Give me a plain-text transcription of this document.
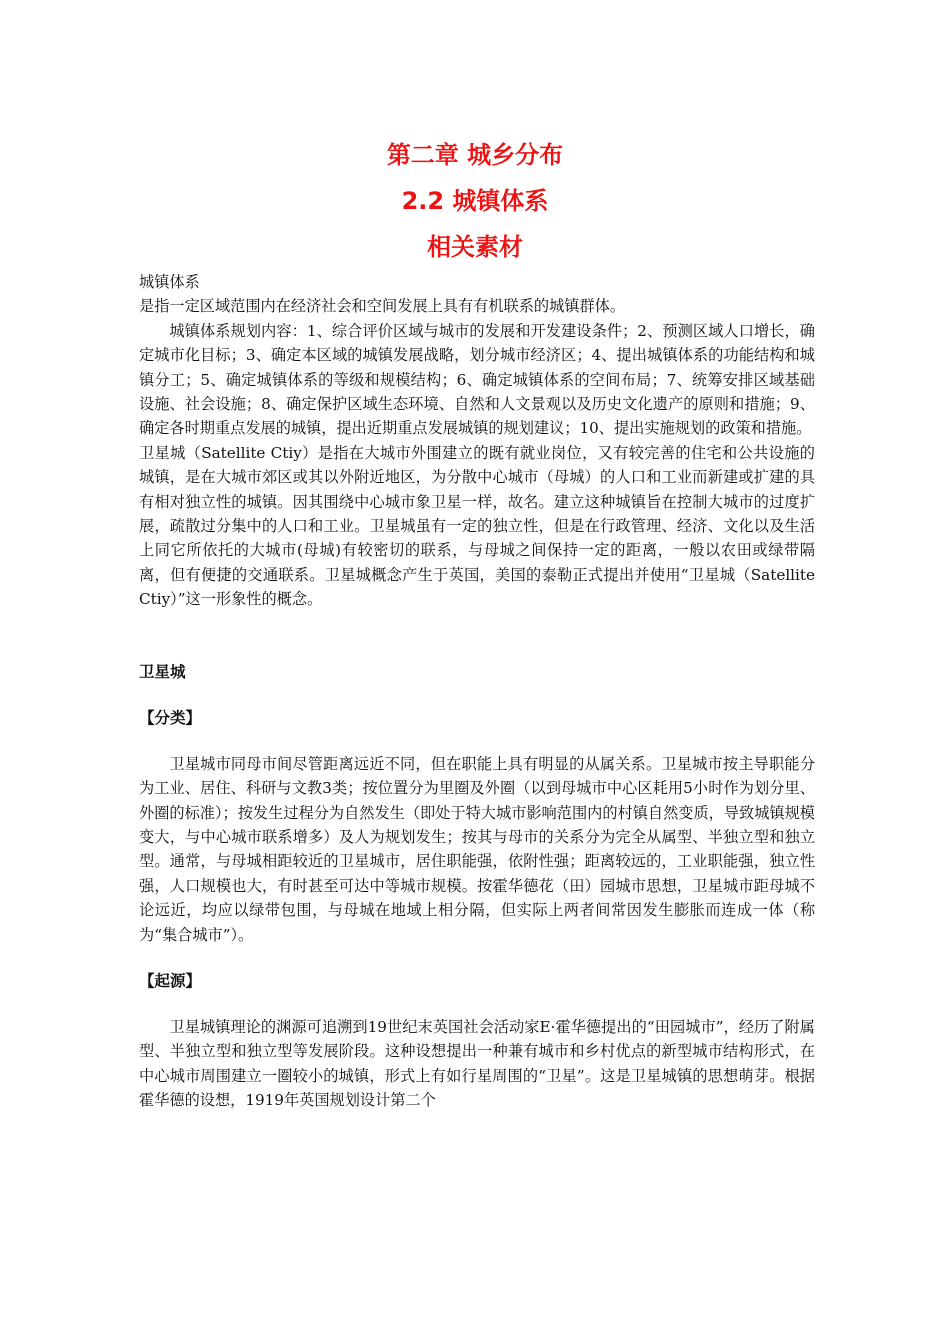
第二章 城乡分布
2.2 城镇体系
相关素材

城镇体系

是指一定区域范围内在经济社会和空间发展上具有有机联系的城镇群体。

城镇体系规划内容：1、综合评价区域与城市的发展和开发建设条件；2、预测区域人口增长，确定城市化目标；3、确定本区域的城镇发展战略，划分城市经济区；4、提出城镇体系的功能结构和城镇分工；5、确定城镇体系的等级和规模结构；6、确定城镇体系的空间布局；7、统筹安排区域基础设施、社会设施；8、确定保护区域生态环境、自然和人文景观以及历史文化遗产的原则和措施；9、确定各时期重点发展的城镇，提出近期重点发展城镇的规划建议；10、提出实施规划的政策和措施。

卫星城（Satellite Ctiy）是指在大城市外围建立的既有就业岗位，又有较完善的住宅和公共设施的城镇，是在大城市郊区或其以外附近地区，为分散中心城市（母城）的人口和工业而新建或扩建的具有相对独立性的城镇。因其围绕中心城市象卫星一样，故名。建立这种城镇旨在控制大城市的过度扩展，疏散过分集中的人口和工业。卫星城虽有一定的独立性，但是在行政管理、经济、文化以及生活上同它所依托的大城市(母城)有较密切的联系，与母城之间保持一定的距离，一般以农田或绿带隔离，但有便捷的交通联系。卫星城概念产生于英国，美国的泰勒正式提出并使用“卫星城（Satellite Ctiy）”这一形象性的概念。

卫星城

【分类】

卫星城市同母市间尽管距离远近不同，但在职能上具有明显的从属关系。卫星城市按主导职能分为工业、居住、科研与文教3类；按位置分为里圈及外圈（以到母城市中心区耗用5小时作为划分里、外圈的标准）；按发生过程分为自然发生（即处于特大城市影响范围内的村镇自然变质，导致城镇规模变大，与中心城市联系增多）及人为规划发生；按其与母市的关系分为完全从属型、半独立型和独立型。通常，与母城相距较近的卫星城市，居住职能强，依附性强；距离较远的，工业职能强，独立性强，人口规模也大，有时甚至可达中等城市规模。按霍华德花（田）园城市思想，卫星城市距母城不论远近，均应以绿带包围，与母城在地域上相分隔，但实际上两者间常因发生膨胀而连成一体（称为“集合城市”）。

【起源】

卫星城镇理论的渊源可追溯到19世纪末英国社会活动家E·霍华德提出的“田园城市”，经历了附属型、半独立型和独立型等发展阶段。这种设想提出一种兼有城市和乡村优点的新型城市结构形式，在中心城市周围建立一圈较小的城镇，形式上有如行星周围的“卫星”。这是卫星城镇的思想萌芽。根据霍华德的设想，1919年英国规划设计第二个
